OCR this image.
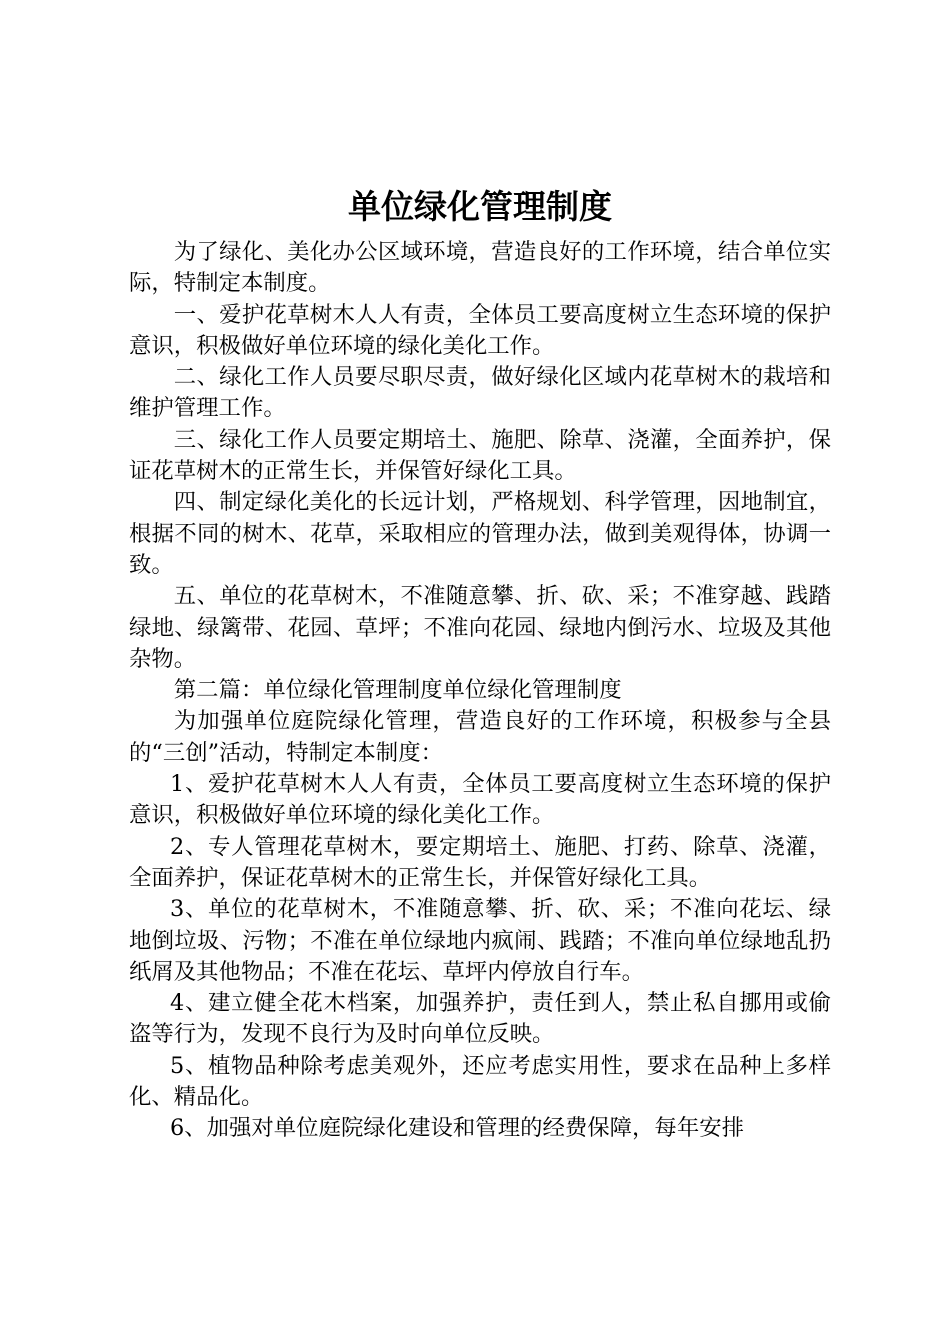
单位绿化管理制度

为了绿化、美化办公区域环境，营造良好的工作环境，结合单位实际，特制定本制度。

一、爱护花草树木人人有责，全体员工要高度树立生态环境的保护意识，积极做好单位环境的绿化美化工作。

二、绿化工作人员要尽职尽责，做好绿化区域内花草树木的栽培和维护管理工作。

三、绿化工作人员要定期培土、施肥、除草、浇灌，全面养护，保证花草树木的正常生长，并保管好绿化工具。

四、制定绿化美化的长远计划，严格规划、科学管理，因地制宜，根据不同的树木、花草，采取相应的管理办法，做到美观得体，协调一致。

五、单位的花草树木，不准随意攀、折、砍、采；不准穿越、践踏绿地、绿篱带、花园、草坪；不准向花园、绿地内倒污水、垃圾及其他杂物。

第二篇：单位绿化管理制度单位绿化管理制度

为加强单位庭院绿化管理，营造良好的工作环境，积极参与全县的“三创”活动，特制定本制度：

1、爱护花草树木人人有责，全体员工要高度树立生态环境的保护意识，积极做好单位环境的绿化美化工作。

2、专人管理花草树木，要定期培土、施肥、打药、除草、浇灌，全面养护，保证花草树木的正常生长，并保管好绿化工具。

3、单位的花草树木，不准随意攀、折、砍、采；不准向花坛、绿地倒垃圾、污物；不准在单位绿地内疯闹、践踏；不准向单位绿地乱扔纸屑及其他物品；不准在花坛、草坪内停放自行车。

4、建立健全花木档案，加强养护，责任到人，禁止私自挪用或偷盗等行为，发现不良行为及时向单位反映。

5、植物品种除考虑美观外，还应考虑实用性，要求在品种上多样化、精品化。

6、加强对单位庭院绿化建设和管理的经费保障，每年安排
